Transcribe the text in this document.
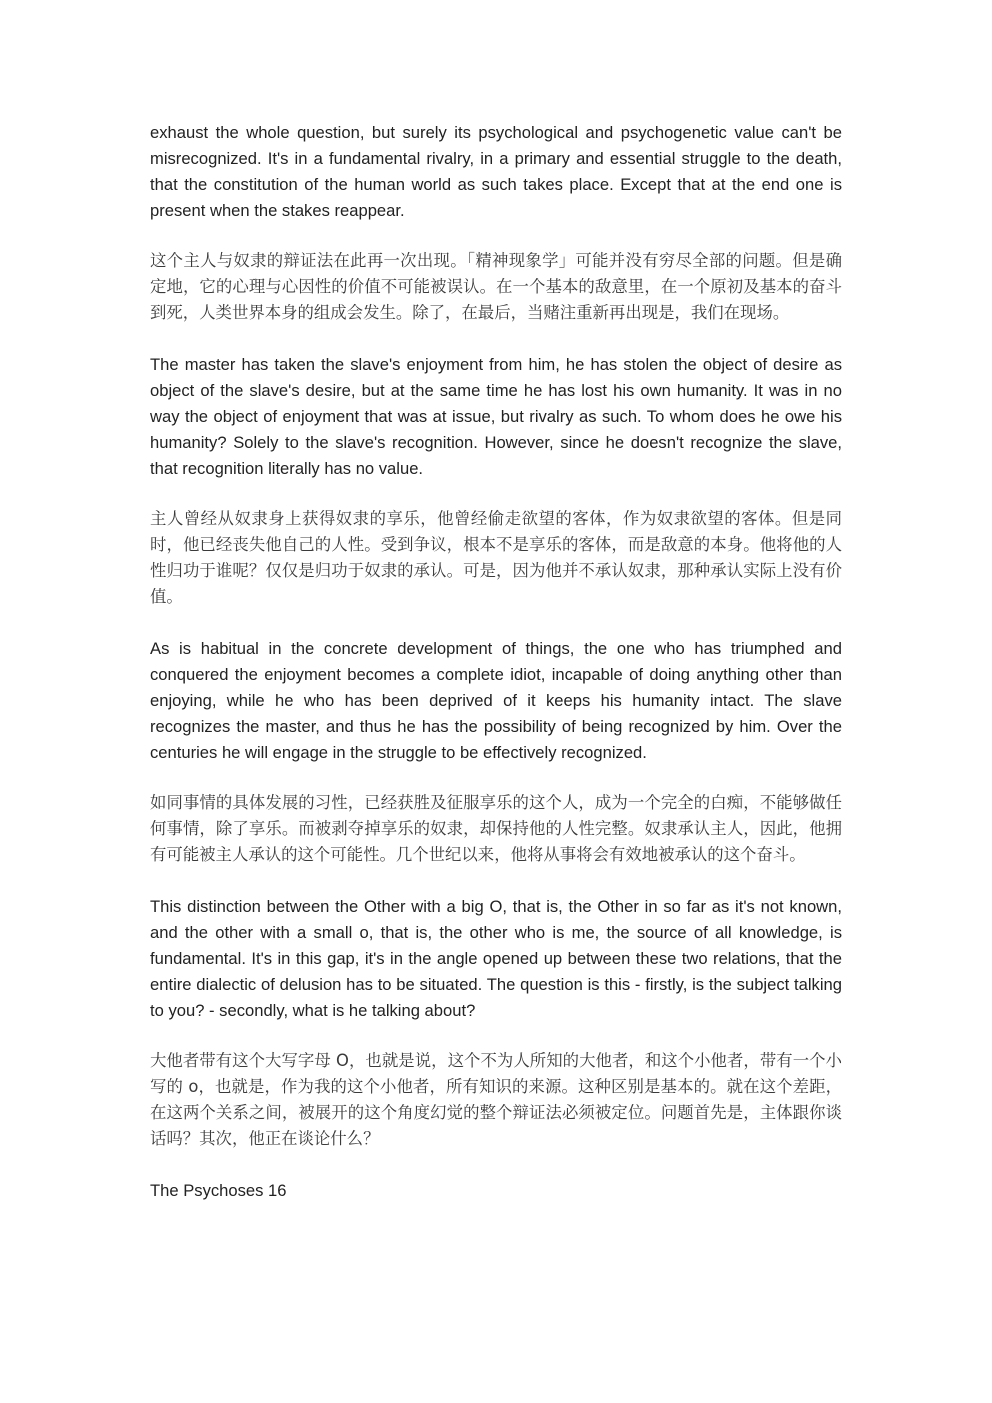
exhaust the whole question, but surely its psychological and psychogenetic value can't be misrecognized. It's in a fundamental rivalry, in a primary and essential struggle to the death, that the constitution of the human world as such takes place. Except that at the end one is present when the stakes reappear.

这个主人与奴隶的辩证法在此再一次出现。「精神现象学」可能并没有穷尽全部的问题。但是确定地，它的心理与心因性的价值不可能被误认。在一个基本的敌意里，在一个原初及基本的奋斗到死，人类世界本身的组成会发生。除了，在最后，当赌注重新再出现是，我们在现场。

The master has taken the slave's enjoyment from him, he has stolen the object of desire as object of the slave's desire, but at the same time he has lost his own humanity. It was in no way the object of enjoyment that was at issue, but rivalry as such. To whom does he owe his humanity? Solely to the slave's recognition. However, since he doesn't recognize the slave, that recognition literally has no value.

主人曾经从奴隶身上获得奴隶的享乐，他曾经偷走欲望的客体，作为奴隶欲望的客体。但是同时，他已经丧失他自己的人性。受到争议，根本不是享乐的客体，而是敌意的本身。他将他的人性归功于谁呢？仅仅是归功于奴隶的承认。可是，因为他并不承认奴隶，那种承认实际上没有价值。

As is habitual in the concrete development of things, the one who has triumphed and conquered the enjoyment becomes a complete idiot, incapable of doing anything other than enjoying, while he who has been deprived of it keeps his humanity intact. The slave recognizes the master, and thus he has the possibility of being recognized by him. Over the centuries he will engage in the struggle to be effectively recognized.

如同事情的具体发展的习性，已经获胜及征服享乐的这个人，成为一个完全的白痴，不能够做任何事情，除了享乐。而被剥夺掉享乐的奴隶，却保持他的人性完整。奴隶承认主人，因此，他拥有可能被主人承认的这个可能性。几个世纪以来，他将从事将会有效地被承认的这个奋斗。

This distinction between the Other with a big O, that is, the Other in so far as it's not known, and the other with a small o, that is, the other who is me, the source of all knowledge, is fundamental. It's in this gap, it's in the angle opened up between these two relations, that the entire dialectic of delusion has to be situated. The question is this - firstly, is the subject talking to you? - secondly, what is he talking about?

大他者带有这个大写字母 O，也就是说，这个不为人所知的大他者，和这个小他者，带有一个小写的 o，也就是，作为我的这个小他者，所有知识的来源。这种区别是基本的。就在这个差距，在这两个关系之间，被展开的这个角度幻觉的整个辩证法必须被定位。问题首先是，主体跟你谈话吗？其次，他正在谈论什么？

The Psychoses 16
